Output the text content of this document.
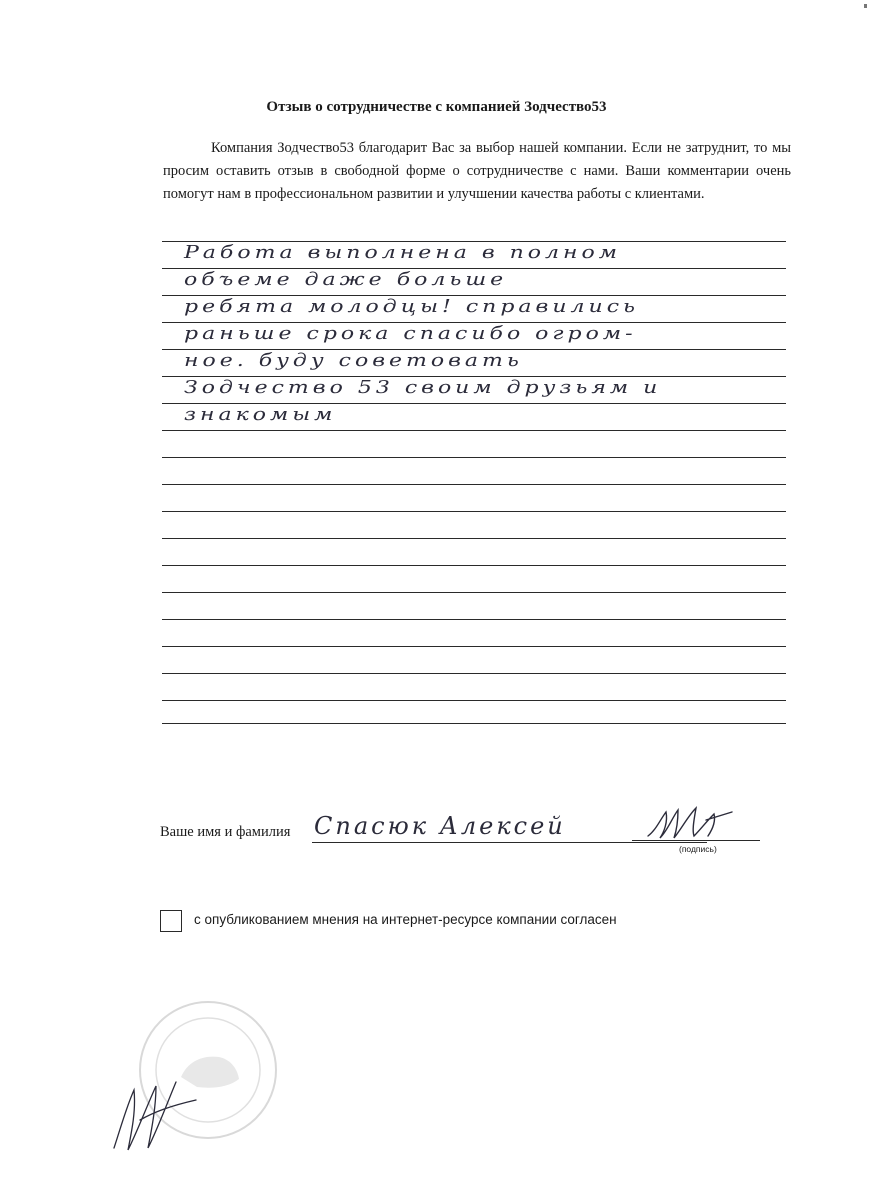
Отзыв о сотрудничестве с компанией Зодчество53
Компания Зодчество53 благодарит Вас за выбор нашей компании. Если не затруднит, то мы просим оставить отзыв в свободной форме о сотрудничестве с нами. Ваши комментарии очень помогут нам в профессиональном развитии и улучшении качества работы с клиентами.
Работа выполнена в полном
объеме даже больше
ребята молодцы! справились
раньше срока спасибо огром-
ное. буду советовать
Зодчество 53 своим друзьям и
знакомым
Ваше имя и фамилия Спасюк Алексей
(подпись)
с опубликованием мнения на интернет-ресурсе компании согласен
